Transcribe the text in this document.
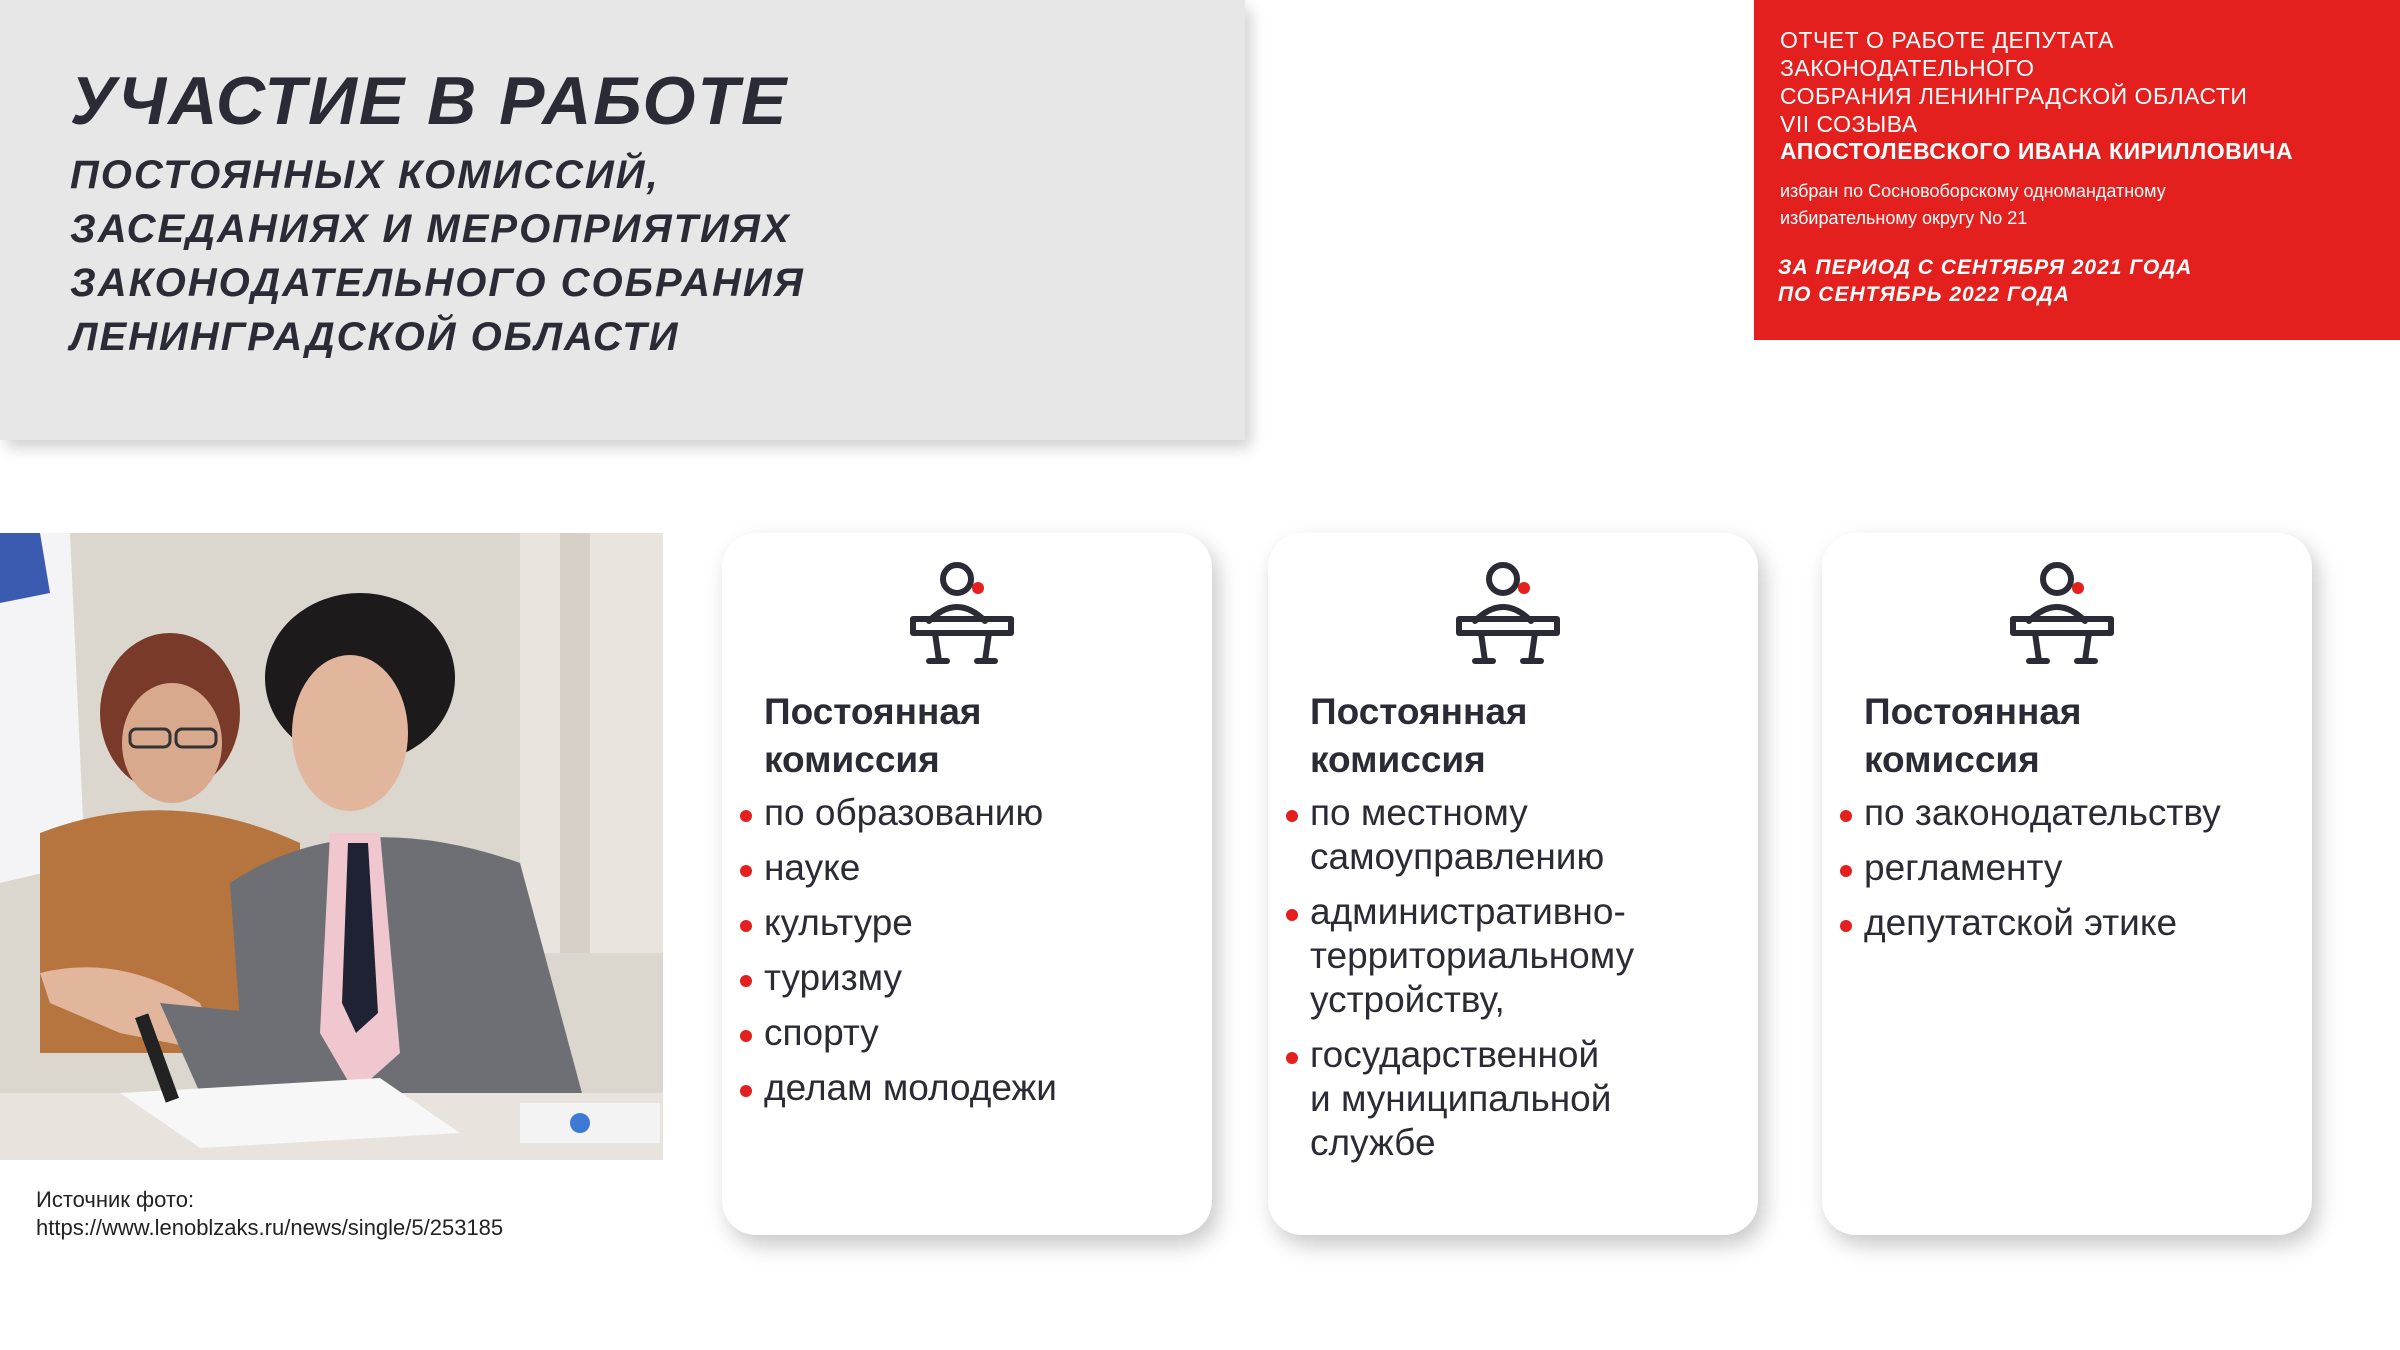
УЧАСТИЕ В РАБОТЕ
ПОСТОЯННЫХ КОМИССИЙ,
ЗАСЕДАНИЯХ И МЕРОПРИЯТИЯХ
ЗАКОНОДАТЕЛЬНОГО СОБРАНИЯ
ЛЕНИНГРАДСКОЙ ОБЛАСТИ
ОТЧЕТ О РАБОТЕ ДЕПУТАТА
ЗАКОНОДАТЕЛЬНОГО
СОБРАНИЯ ЛЕНИНГРАДСКОЙ ОБЛАСТИ
VII СОЗЫВА
АПОСТОЛЕВСКОГО ИВАНА КИРИЛЛОВИЧА
избран по Сосновоборскому одномандатному
избирательному округу No 21
ЗА ПЕРИОД С СЕНТЯБРЯ 2021 ГОДА
ПО СЕНТЯБРЬ 2022 ГОДА
Источник фото:
https://www.lenoblzaks.ru/news/single/5/253185
Постоянная
комиссия
по образованию
науке
культуре
туризму
спорту
делам молодежи
Постоянная
комиссия
по местному
самоуправлению
административно-
территориальному
устройству,
государственной
и муниципальной
службе
Постоянная
комиссия
по законодательству
регламенту
депутатской этике
